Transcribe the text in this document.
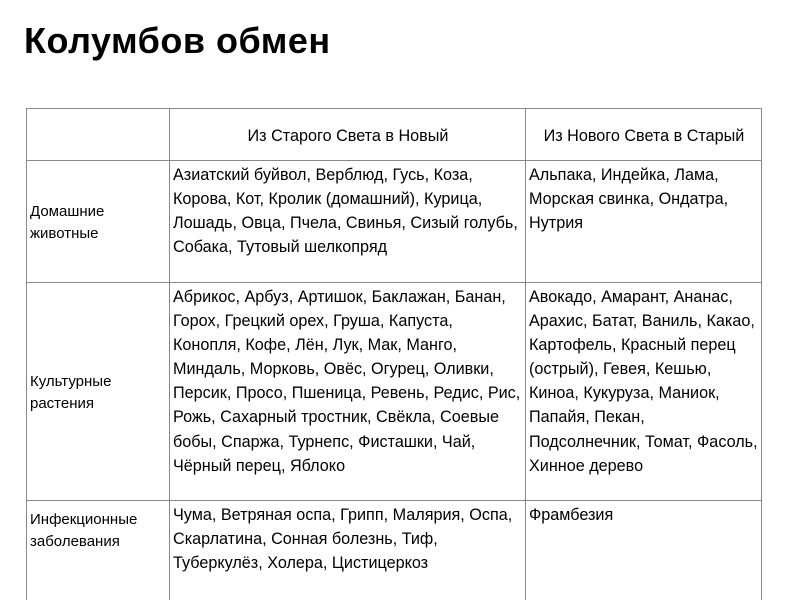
Колумбов обмен
	Из Старого Света в Новый	Из Нового Света в Старый
Домашние животные	Азиатский буйвол, Верблюд, Гусь, Коза, Корова, Кот, Кролик (домашний), Курица, Лошадь, Овца, Пчела, Свинья, Сизый голубь, Собака, Тутовый шелкопряд	Альпака, Индейка, Лама, Морская свинка, Ондатра, Нутрия
Культурные растения	Абрикос, Арбуз, Артишок, Баклажан, Банан, Горох, Грецкий орех, Груша, Капуста, Конопля, Кофе, Лён, Лук, Мак, Манго, Миндаль, Морковь, Овёс, Огурец, Оливки, Персик, Просо, Пшеница, Ревень, Редис, Рис, Рожь, Сахарный тростник, Свёкла, Соевые бобы, Спаржа, Турнепс, Фисташки, Чай, Чёрный перец, Яблоко	Авокадо, Амарант, Ананас, Арахис, Батат, Ваниль, Какао, Картофель, Красный перец (острый), Гевея, Кешью, Киноа, Кукуруза, Маниок, Папайя, Пекан, Подсолнечник, Томат, Фасоль, Хинное дерево
Инфекционные заболевания	Чума, Ветряная оспа, Грипп, Малярия, Оспа, Скарлатина, Сонная болезнь, Тиф, Туберкулёз, Холера, Цистицеркоз	Фрамбезия
